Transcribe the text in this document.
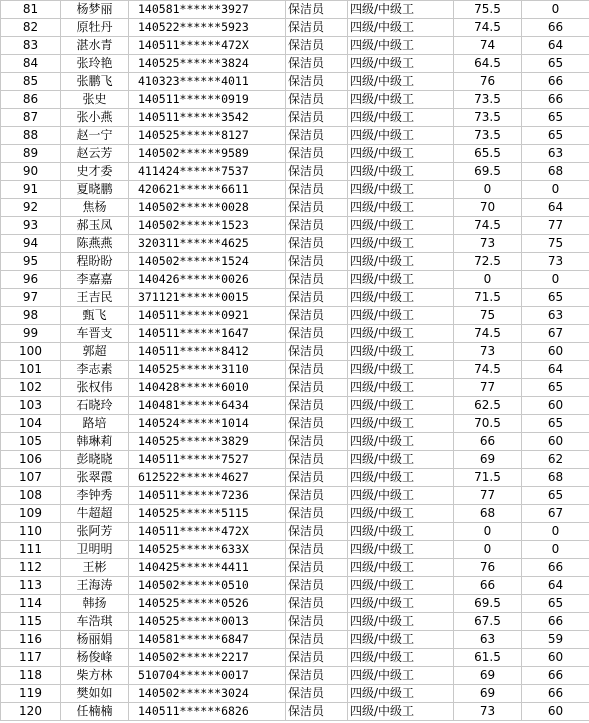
81	杨梦丽	140581******3927	保洁员	四级/中级工	75.5	0
82	原牡丹	140522******5923	保洁员	四级/中级工	74.5	66
83	湛水青	140511******472X	保洁员	四级/中级工	74	64
84	张玲艳	140525******3824	保洁员	四级/中级工	64.5	65
85	张鹏飞	410323******4011	保洁员	四级/中级工	76	66
86	张史	140511******0919	保洁员	四级/中级工	73.5	66
87	张小燕	140511******3542	保洁员	四级/中级工	73.5	65
88	赵一宁	140525******8127	保洁员	四级/中级工	73.5	65
89	赵云芳	140502******9589	保洁员	四级/中级工	65.5	63
90	史才委	411424******7537	保洁员	四级/中级工	69.5	68
91	夏晓鹏	420621******6611	保洁员	四级/中级工	0	0
92	焦杨	140502******0028	保洁员	四级/中级工	70	64
93	郝玉凤	140502******1523	保洁员	四级/中级工	74.5	77
94	陈燕燕	320311******4625	保洁员	四级/中级工	73	75
95	程盼盼	140502******1524	保洁员	四级/中级工	72.5	73
96	李嘉嘉	140426******0026	保洁员	四级/中级工	0	0
97	王吉民	371121******0015	保洁员	四级/中级工	71.5	65
98	甄飞	140511******0921	保洁员	四级/中级工	75	63
99	车晋支	140511******1647	保洁员	四级/中级工	74.5	67
100	郭超	140511******8412	保洁员	四级/中级工	73	60
101	李志素	140525******3110	保洁员	四级/中级工	74.5	64
102	张权伟	140428******6010	保洁员	四级/中级工	77	65
103	石晓玲	140481******6434	保洁员	四级/中级工	62.5	60
104	路培	140524******1014	保洁员	四级/中级工	70.5	65
105	韩琳莉	140525******3829	保洁员	四级/中级工	66	60
106	彭晓晓	140511******7527	保洁员	四级/中级工	69	62
107	张翠霞	612522******4627	保洁员	四级/中级工	71.5	68
108	李钟秀	140511******7236	保洁员	四级/中级工	77	65
109	牛超超	140525******5115	保洁员	四级/中级工	68	67
110	张阿芳	140511******472X	保洁员	四级/中级工	0	0
111	卫明明	140525******633X	保洁员	四级/中级工	0	0
112	王彬	140425******4411	保洁员	四级/中级工	76	66
113	王海涛	140502******0510	保洁员	四级/中级工	66	64
114	韩扬	140525******0526	保洁员	四级/中级工	69.5	65
115	车浩琪	140525******0013	保洁员	四级/中级工	67.5	66
116	杨丽娟	140581******6847	保洁员	四级/中级工	63	59
117	杨俊峰	140502******2217	保洁员	四级/中级工	61.5	60
118	柴方林	510704******0017	保洁员	四级/中级工	69	66
119	樊如如	140502******3024	保洁员	四级/中级工	69	66
120	任楠楠	140511******6826	保洁员	四级/中级工	73	60
